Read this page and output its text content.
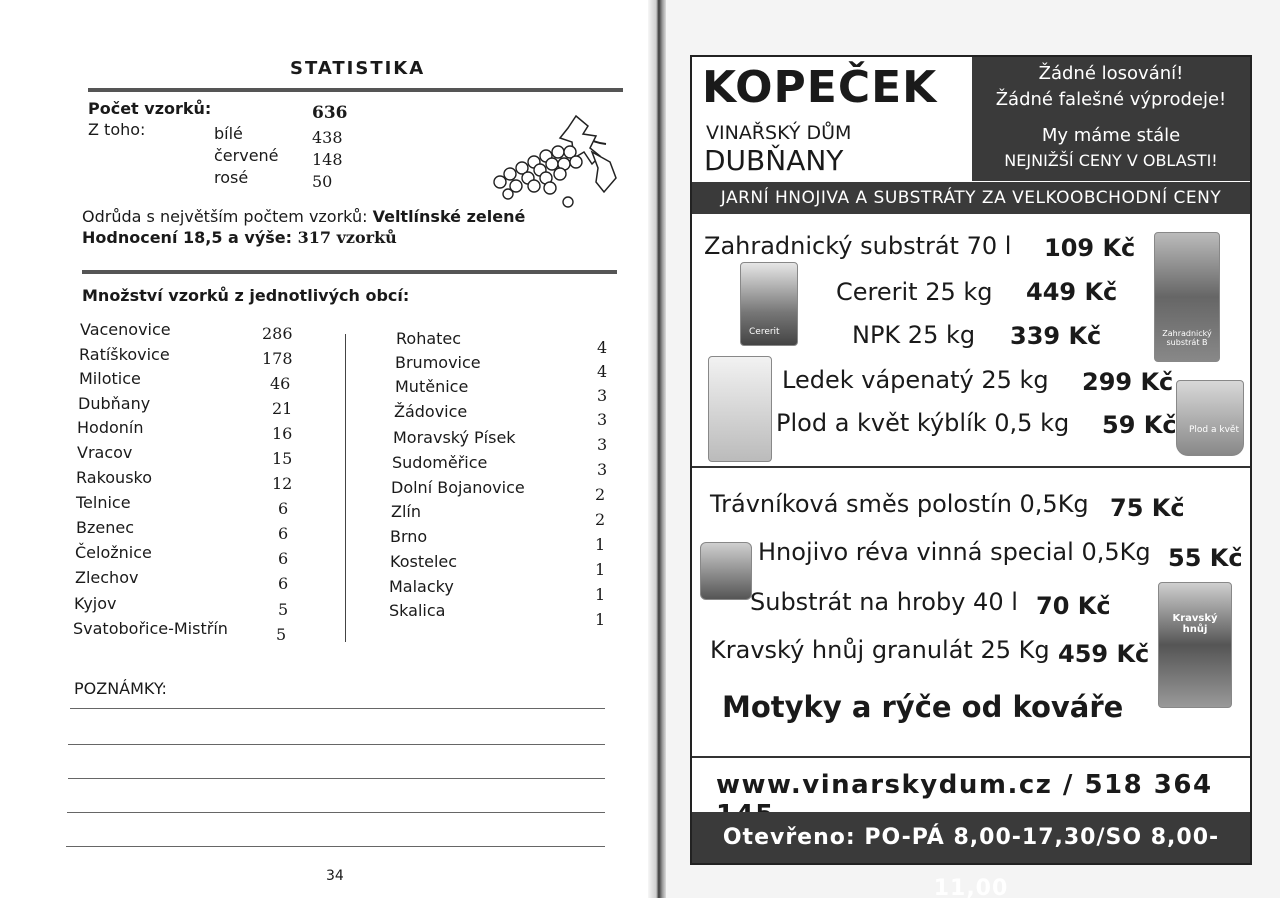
STATISTIKA
Počet vzorků:	636
Z toho:	bílé	438
červené 148
rosé	50
Odrůda s největším počtem vzorků: Veltlínské zelené
Hodnocení 18,5 a výše: 317 vzorků
Množství vzorků z jednotlivých obcí:
Vacenovice	286
Ratíškovice	178
Milotice	46
Dubňany	21
Hodonín	16
Vracov	15
Rakousko	12
Telnice	6
Bzenec	6
Čeložnice	6
Zlechov	6
Kyjov	5
Svatobořice-Mistřín	5
Rohatec	4
Brumovice	4
Mutěnice	3
Žádovice	3
Moravský Písek	3
Sudoměřice	3
Dolní Bojanovice	2
Zlín	2
Brno	1
Kostelec	1
Malacky	1
Skalica	1
POZNÁMKY:
34
KOPEČEK
VINAŘSKÝ DŮM
DUBŇANY
Žádné losování!
Žádné falešné výprodeje!
My máme stále
NEJNIŽŠÍ CENY V OBLASTI!
JARNÍ HNOJIVA A SUBSTRÁTY ZA VELKOOBCHODNÍ CENY
Cererit	Zahradnický substrát B
Plod a květ
Kravský hnůj
Zahradnický substrát 70 l 109 Kč
Cererit 25 kg 449 Kč
NPK 25 kg 339 Kč
Ledek vápenatý 25 kg 299 Kč
Plod a květ kýblík 0,5 kg 59 Kč
Trávníková směs polostín 0,5Kg 75 Kč
Hnojivo réva vinná special 0,5Kg 55 Kč
Substrát na hroby 40 l 70 Kč
Kravský hnůj granulát 25 Kg 459 Kč
Motyky a rýče od kováře
www.vinarskydum.cz / 518 364
Otevřeno: PO-PÁ 8,00-17,30/SO 8,00-11,00
